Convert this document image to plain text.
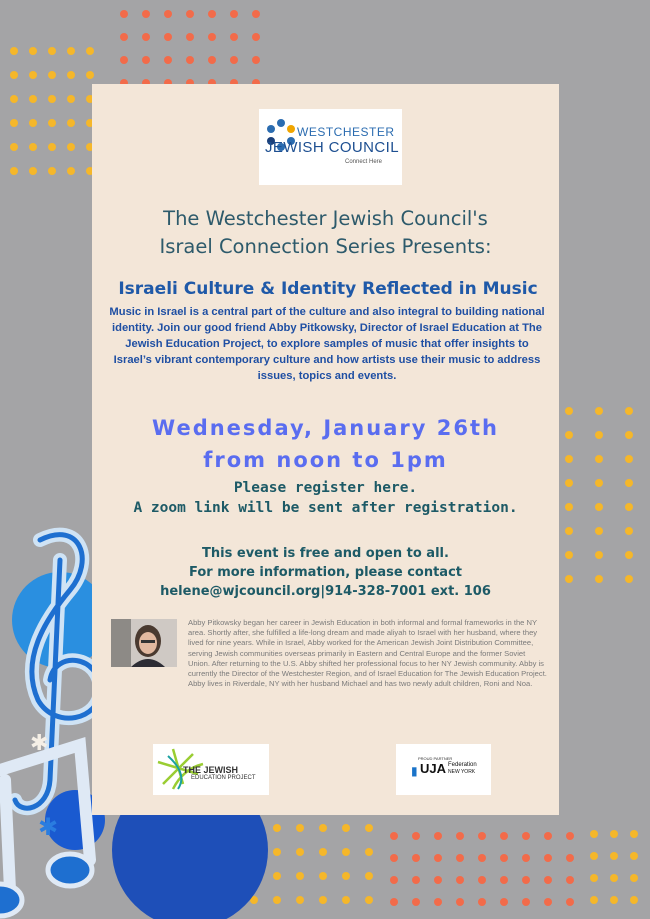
✱
✱
WESTCHESTER
JEWISH COUNCIL
Connect Here
The Westchester Jewish Council's
Israel Connection Series Presents:
Israeli Culture & Identity Reflected in Music
Music in Israel is a central part of the culture and also integral to building national identity. Join our good friend Abby Pitkowsky, Director of Israel Education at The Jewish Education Project, to explore samples of music that offer insights to Israel’s vibrant contemporary culture and how artists use their music to address issues, topics and events.
Wednesday, January 26th
from noon to 1pm
Please register here.
A zoom link will be sent after registration.
This event is free and open to all.
For more information, please contact
helene@wjcouncil.org|914-328-7001 ext. 106
Abby Pitkowsky began her career in Jewish Education in both informal and formal frameworks in the NY area. Shortly after, she fulfilled a life-long dream and made aliyah to Israel with her husband, where they lived for nine years. While in Israel, Abby worked for the American Jewish Joint Distribution Committee, serving Jewish communities overseas primarily in Eastern and Central Europe and the former Soviet Union. After returning to the U.S. Abby shifted her professional focus to her NY Jewish community. Abby is currently the Director of the Westchester Region, and of Israel Education for The Jewish Education Project. Abby lives in Riverdale, NY with her husband Michael and has two newly adult children, Roni and Noa.
THE JEWISH
EDUCATION PROJECT
PROUD PARTNER
▮ UJA Federation
NEW YORK
